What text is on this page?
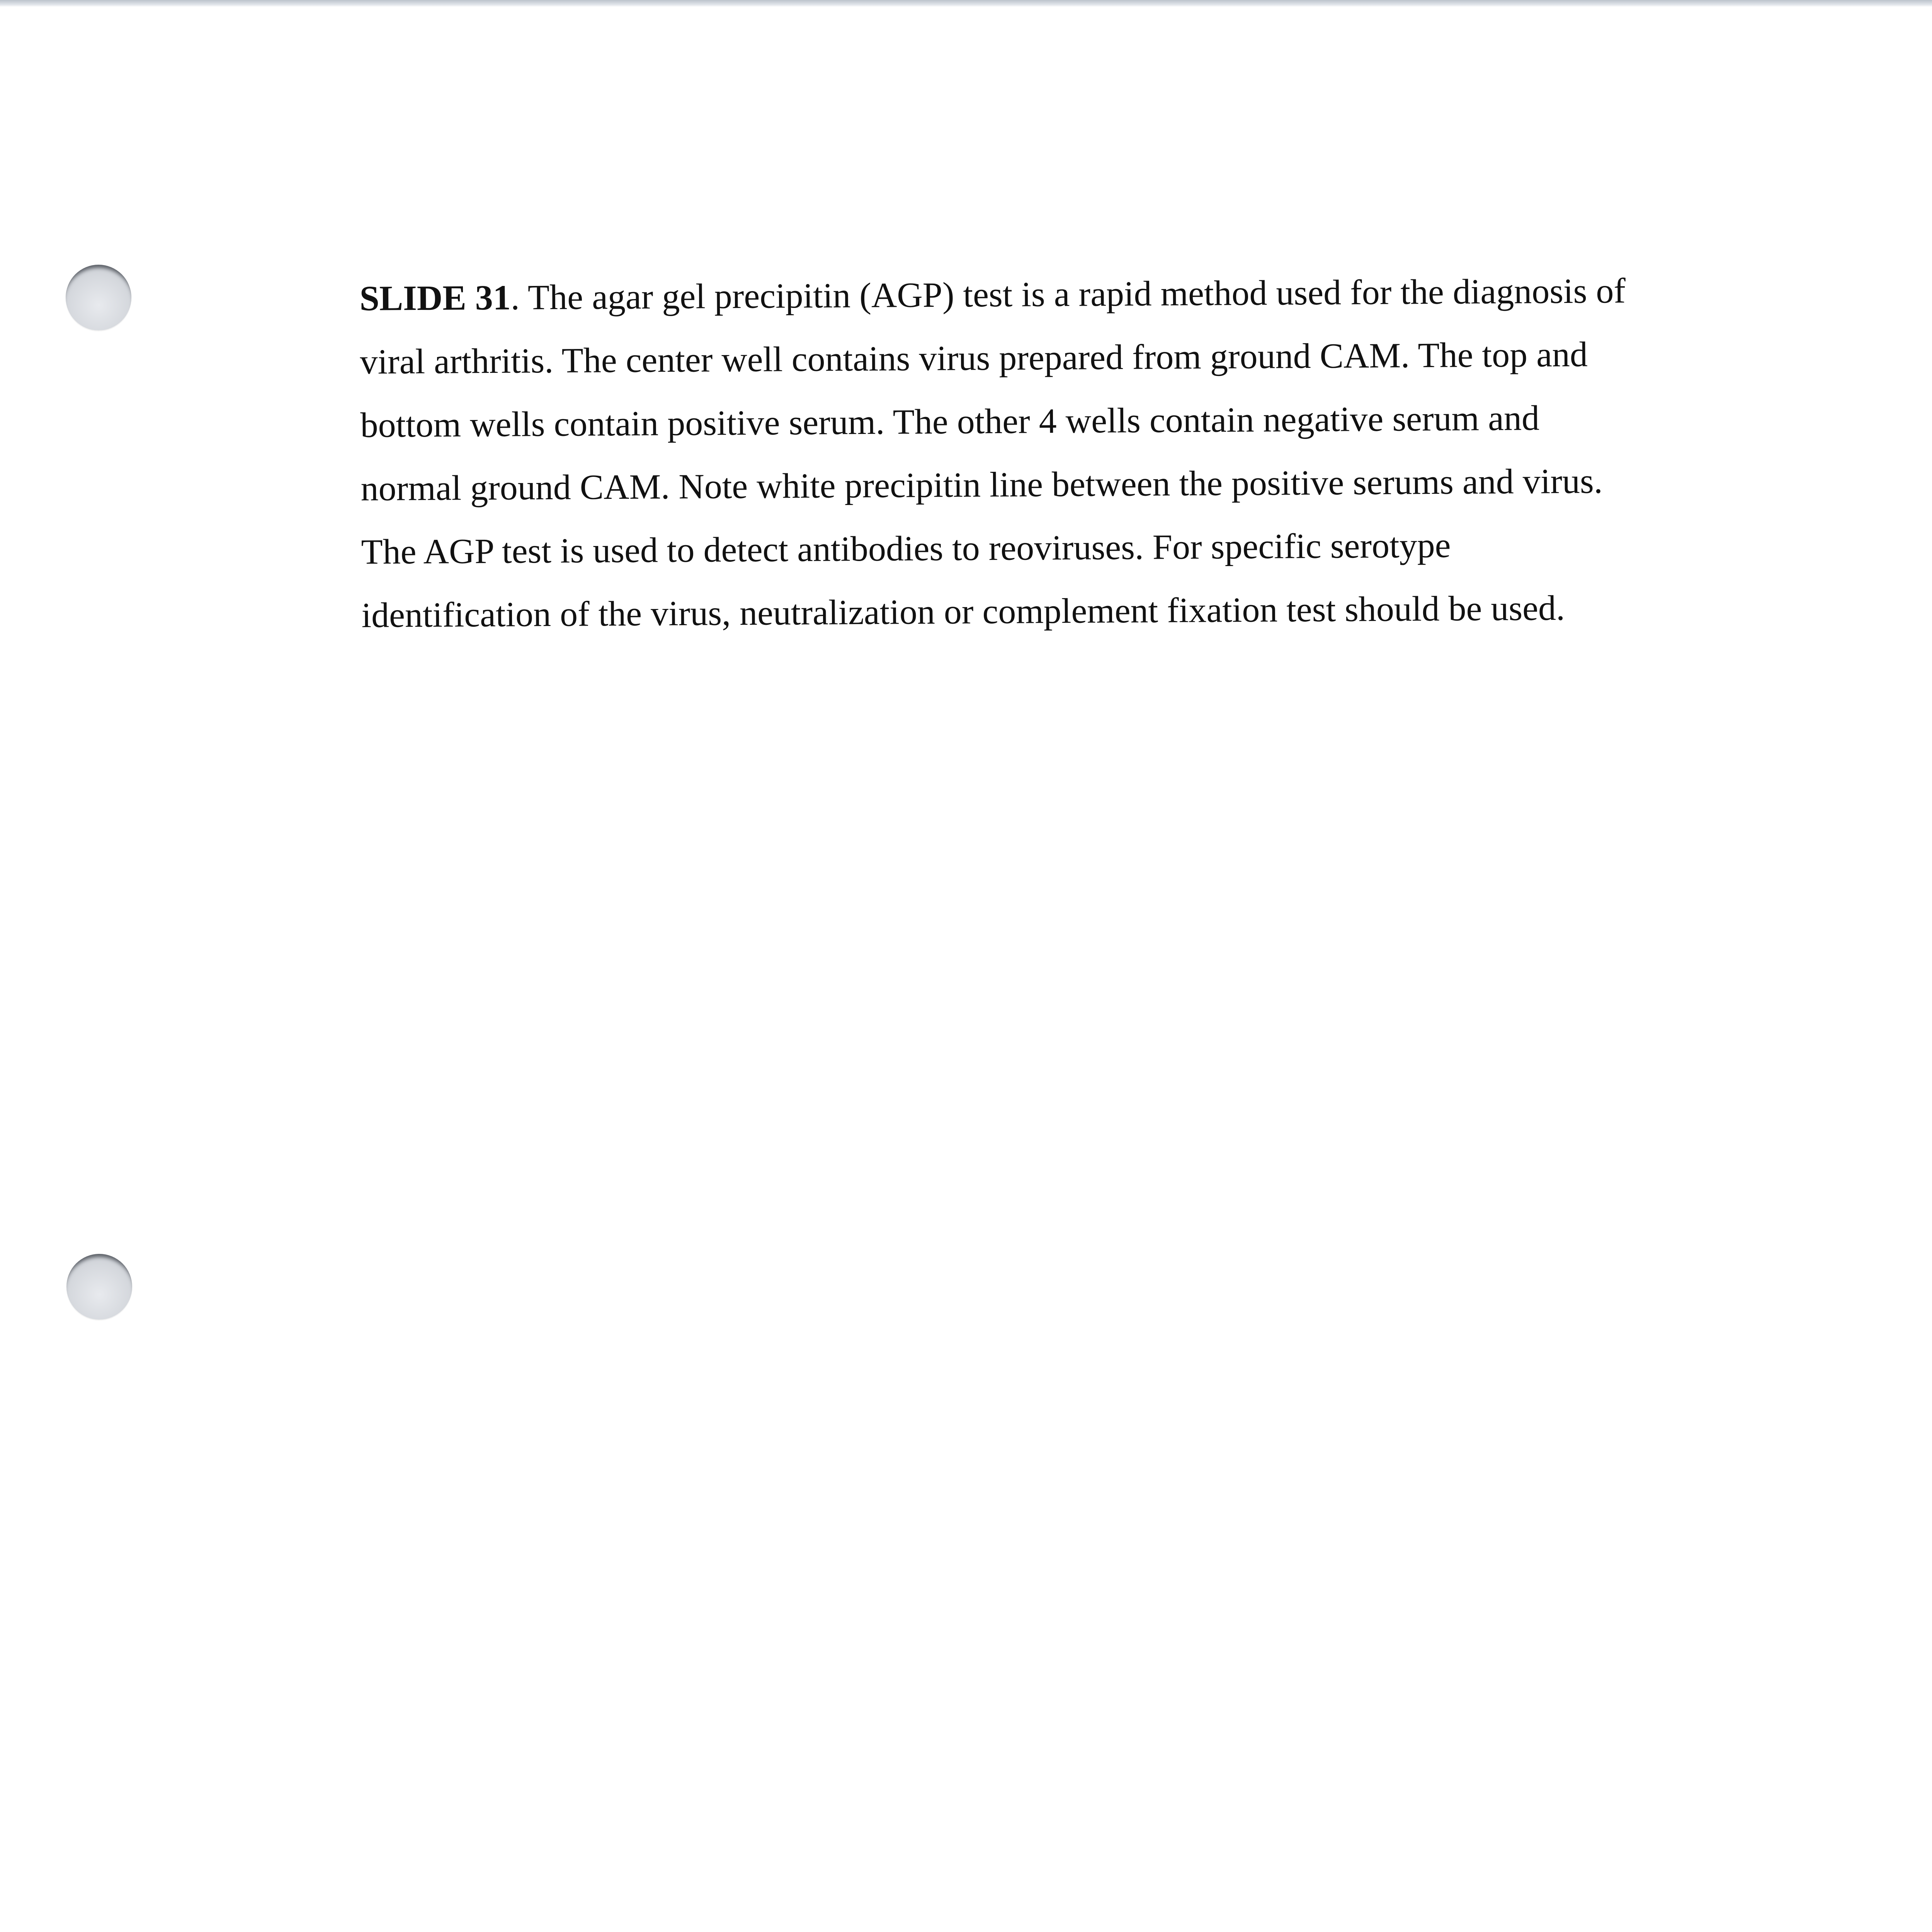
SLIDE 31. The agar gel precipitin (AGP) test is a rapid method used for the diagnosis of
viral arthritis. The center well contains virus prepared from ground CAM. The top and
bottom wells contain positive serum. The other 4 wells contain negative serum and
normal ground CAM. Note white precipitin line between the positive serums and virus.
The AGP test is used to detect antibodies to reoviruses. For specific serotype
identification of the virus, neutralization or complement fixation test should be used.
